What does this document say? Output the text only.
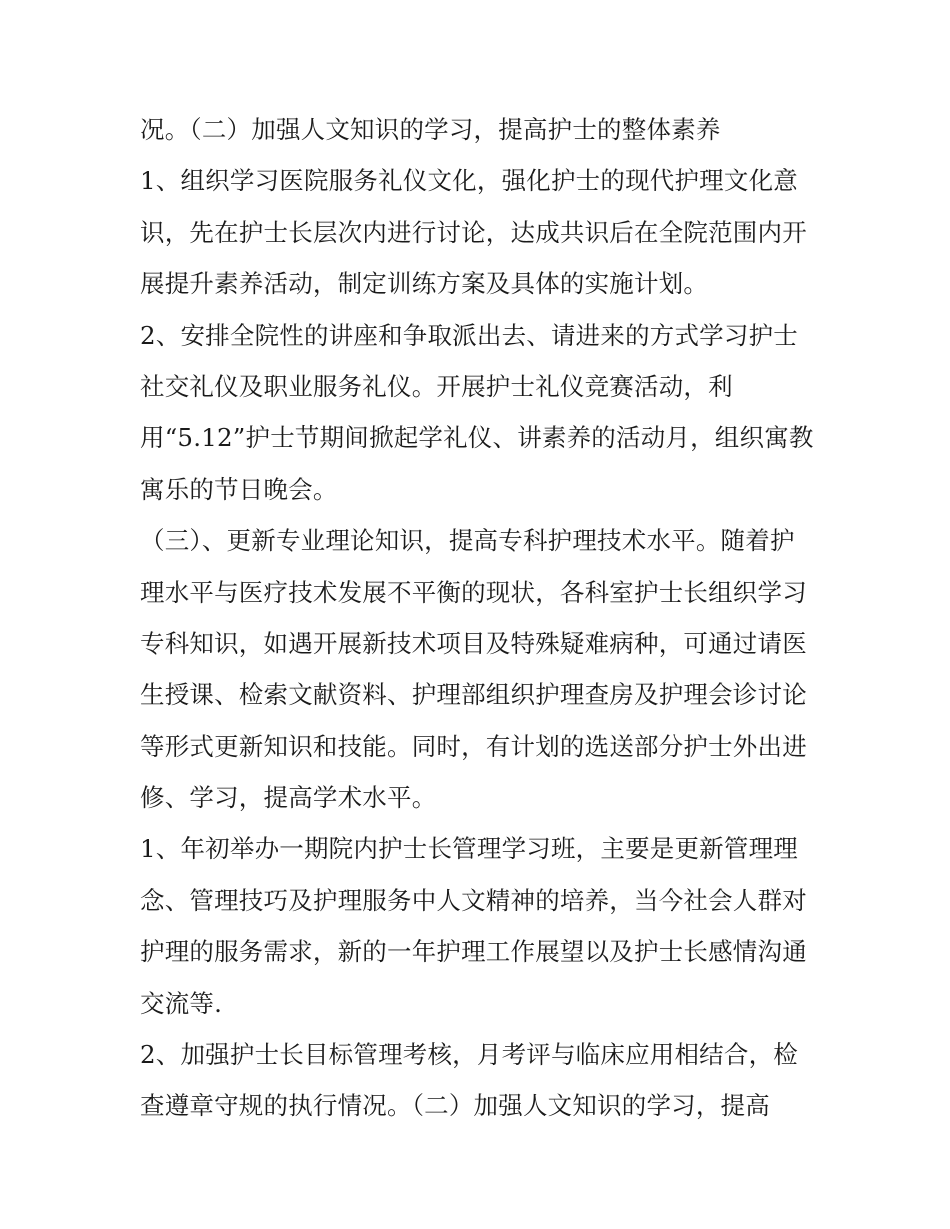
况。（二）加强人文知识的学习，提高护士的整体素养
1、组织学习医院服务礼仪文化，强化护士的现代护理文化意
识，先在护士长层次内进行讨论，达成共识后在全院范围内开
展提升素养活动，制定训练方案及具体的实施计划。
2、安排全院性的讲座和争取派出去、请进来的方式学习护士
社交礼仪及职业服务礼仪。开展护士礼仪竞赛活动，利
用“5.12”护士节期间掀起学礼仪、讲素养的活动月，组织寓教
寓乐的节日晚会。
（三）、更新专业理论知识，提高专科护理技术水平。随着护
理水平与医疗技术发展不平衡的现状，各科室护士长组织学习
专科知识，如遇开展新技术项目及特殊疑难病种，可通过请医
生授课、检索文献资料、护理部组织护理查房及护理会诊讨论
等形式更新知识和技能。同时，有计划的选送部分护士外出进
修、学习，提高学术水平。
1、年初举办一期院内护士长管理学习班，主要是更新管理理
念、管理技巧及护理服务中人文精神的培养，当今社会人群对
护理的服务需求，新的一年护理工作展望以及护士长感情沟通
交流等.
2、加强护士长目标管理考核，月考评与临床应用相结合，检
查遵章守规的执行情况。（二）加强人文知识的学习，提高
